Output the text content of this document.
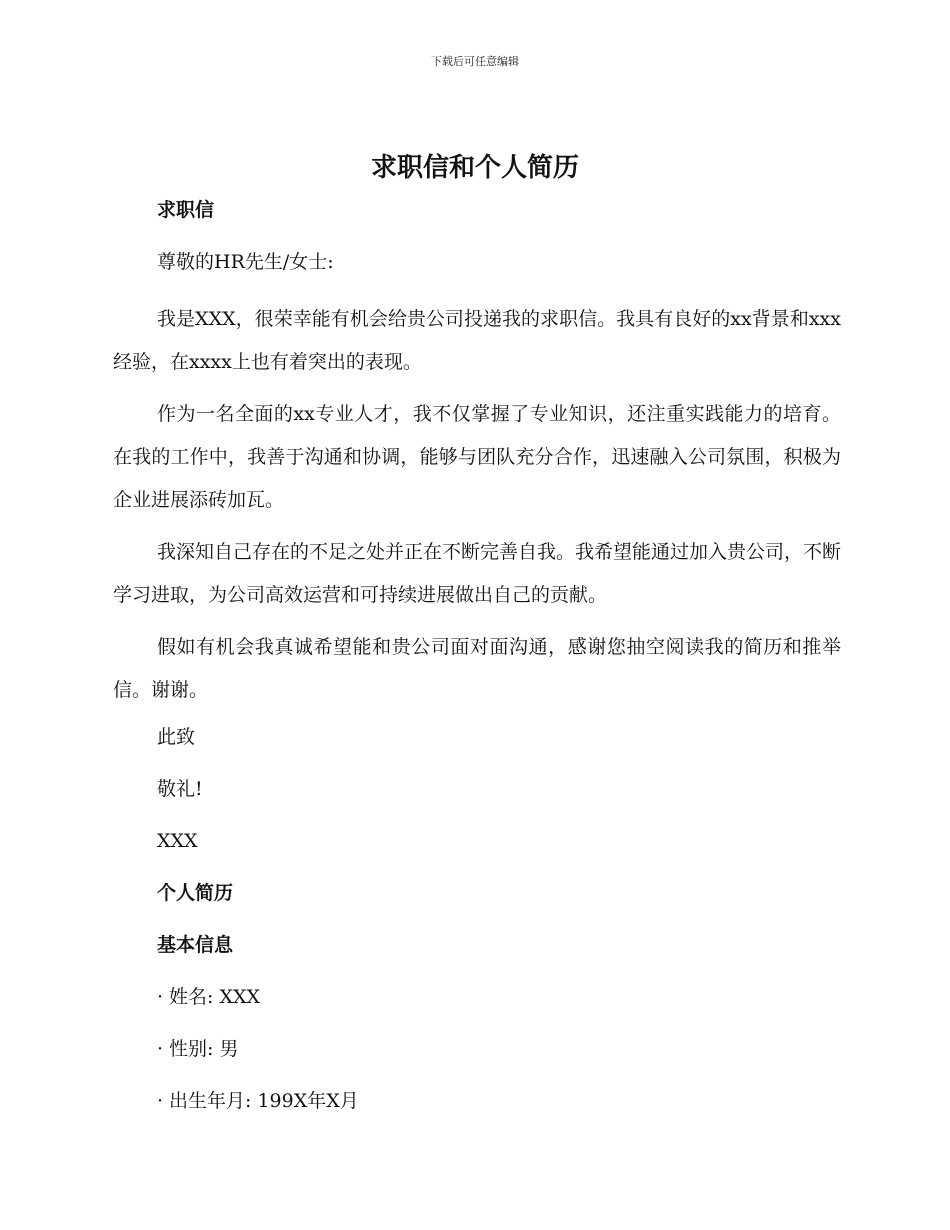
下载后可任意编辑
求职信和个人简历
求职信
尊敬的HR先生/女士:

我是XXX，很荣幸能有机会给贵公司投递我的求职信。我具有良好的xx背景和xxx经验，在xxxx上也有着突出的表现。

作为一名全面的xx专业人才，我不仅掌握了专业知识，还注重实践能力的培育。在我的工作中，我善于沟通和协调，能够与团队充分合作，迅速融入公司氛围，积极为企业进展添砖加瓦。

我深知自己存在的不足之处并正在不断完善自我。我希望能通过加入贵公司，不断学习进取，为公司高效运营和可持续进展做出自己的贡献。

假如有机会我真诚希望能和贵公司面对面沟通，感谢您抽空阅读我的简历和推举信。谢谢。

此致
敬礼!
XXX
个人简历
基本信息
· 姓名: XXX
· 性别: 男
· 出生年月: 199X年X月
